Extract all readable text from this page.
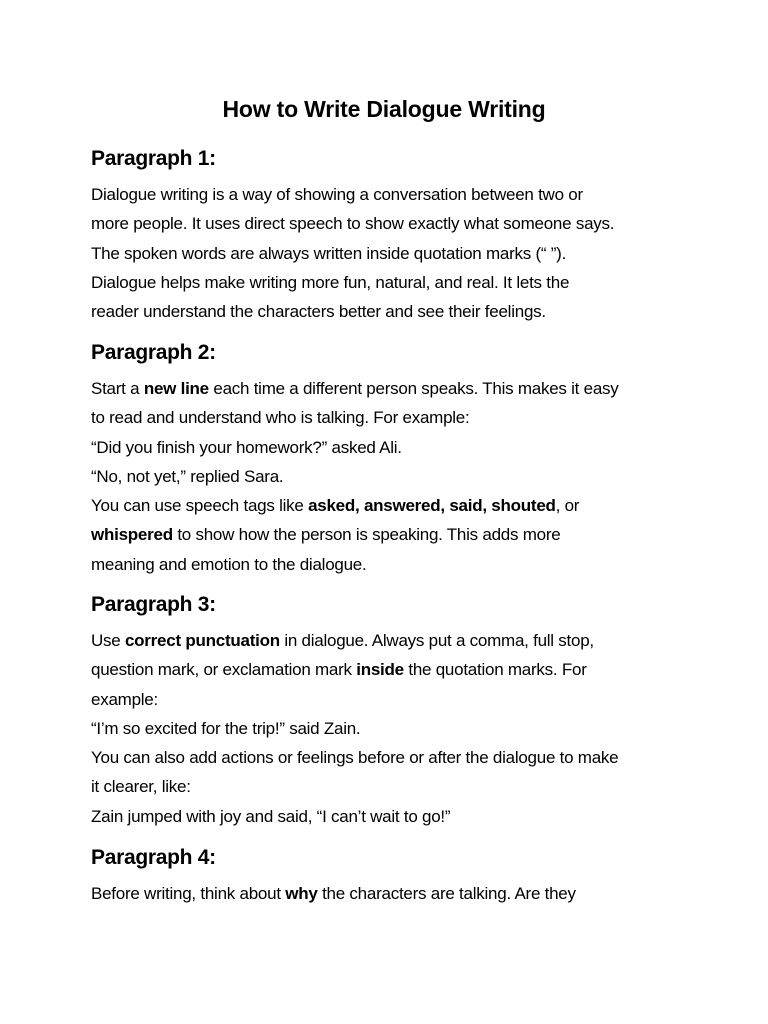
How to Write Dialogue Writing
Paragraph 1:

Dialogue writing is a way of showing a conversation between two or
more people. It uses direct speech to show exactly what someone says.
The spoken words are always written inside quotation marks (“ ”).
Dialogue helps make writing more fun, natural, and real. It lets the
reader understand the characters better and see their feelings.

Paragraph 2:

Start a new line each time a different person speaks. This makes it easy
to read and understand who is talking. For example:
“Did you finish your homework?” asked Ali.
“No, not yet,” replied Sara.
You can use speech tags like asked, answered, said, shouted, or
whispered to show how the person is speaking. This adds more
meaning and emotion to the dialogue.

Paragraph 3:

Use correct punctuation in dialogue. Always put a comma, full stop,
question mark, or exclamation mark inside the quotation marks. For
example:
“I’m so excited for the trip!” said Zain.
You can also add actions or feelings before or after the dialogue to make
it clearer, like:
Zain jumped with joy and said, “I can’t wait to go!”

Paragraph 4:

Before writing, think about why the characters are talking. Are they
